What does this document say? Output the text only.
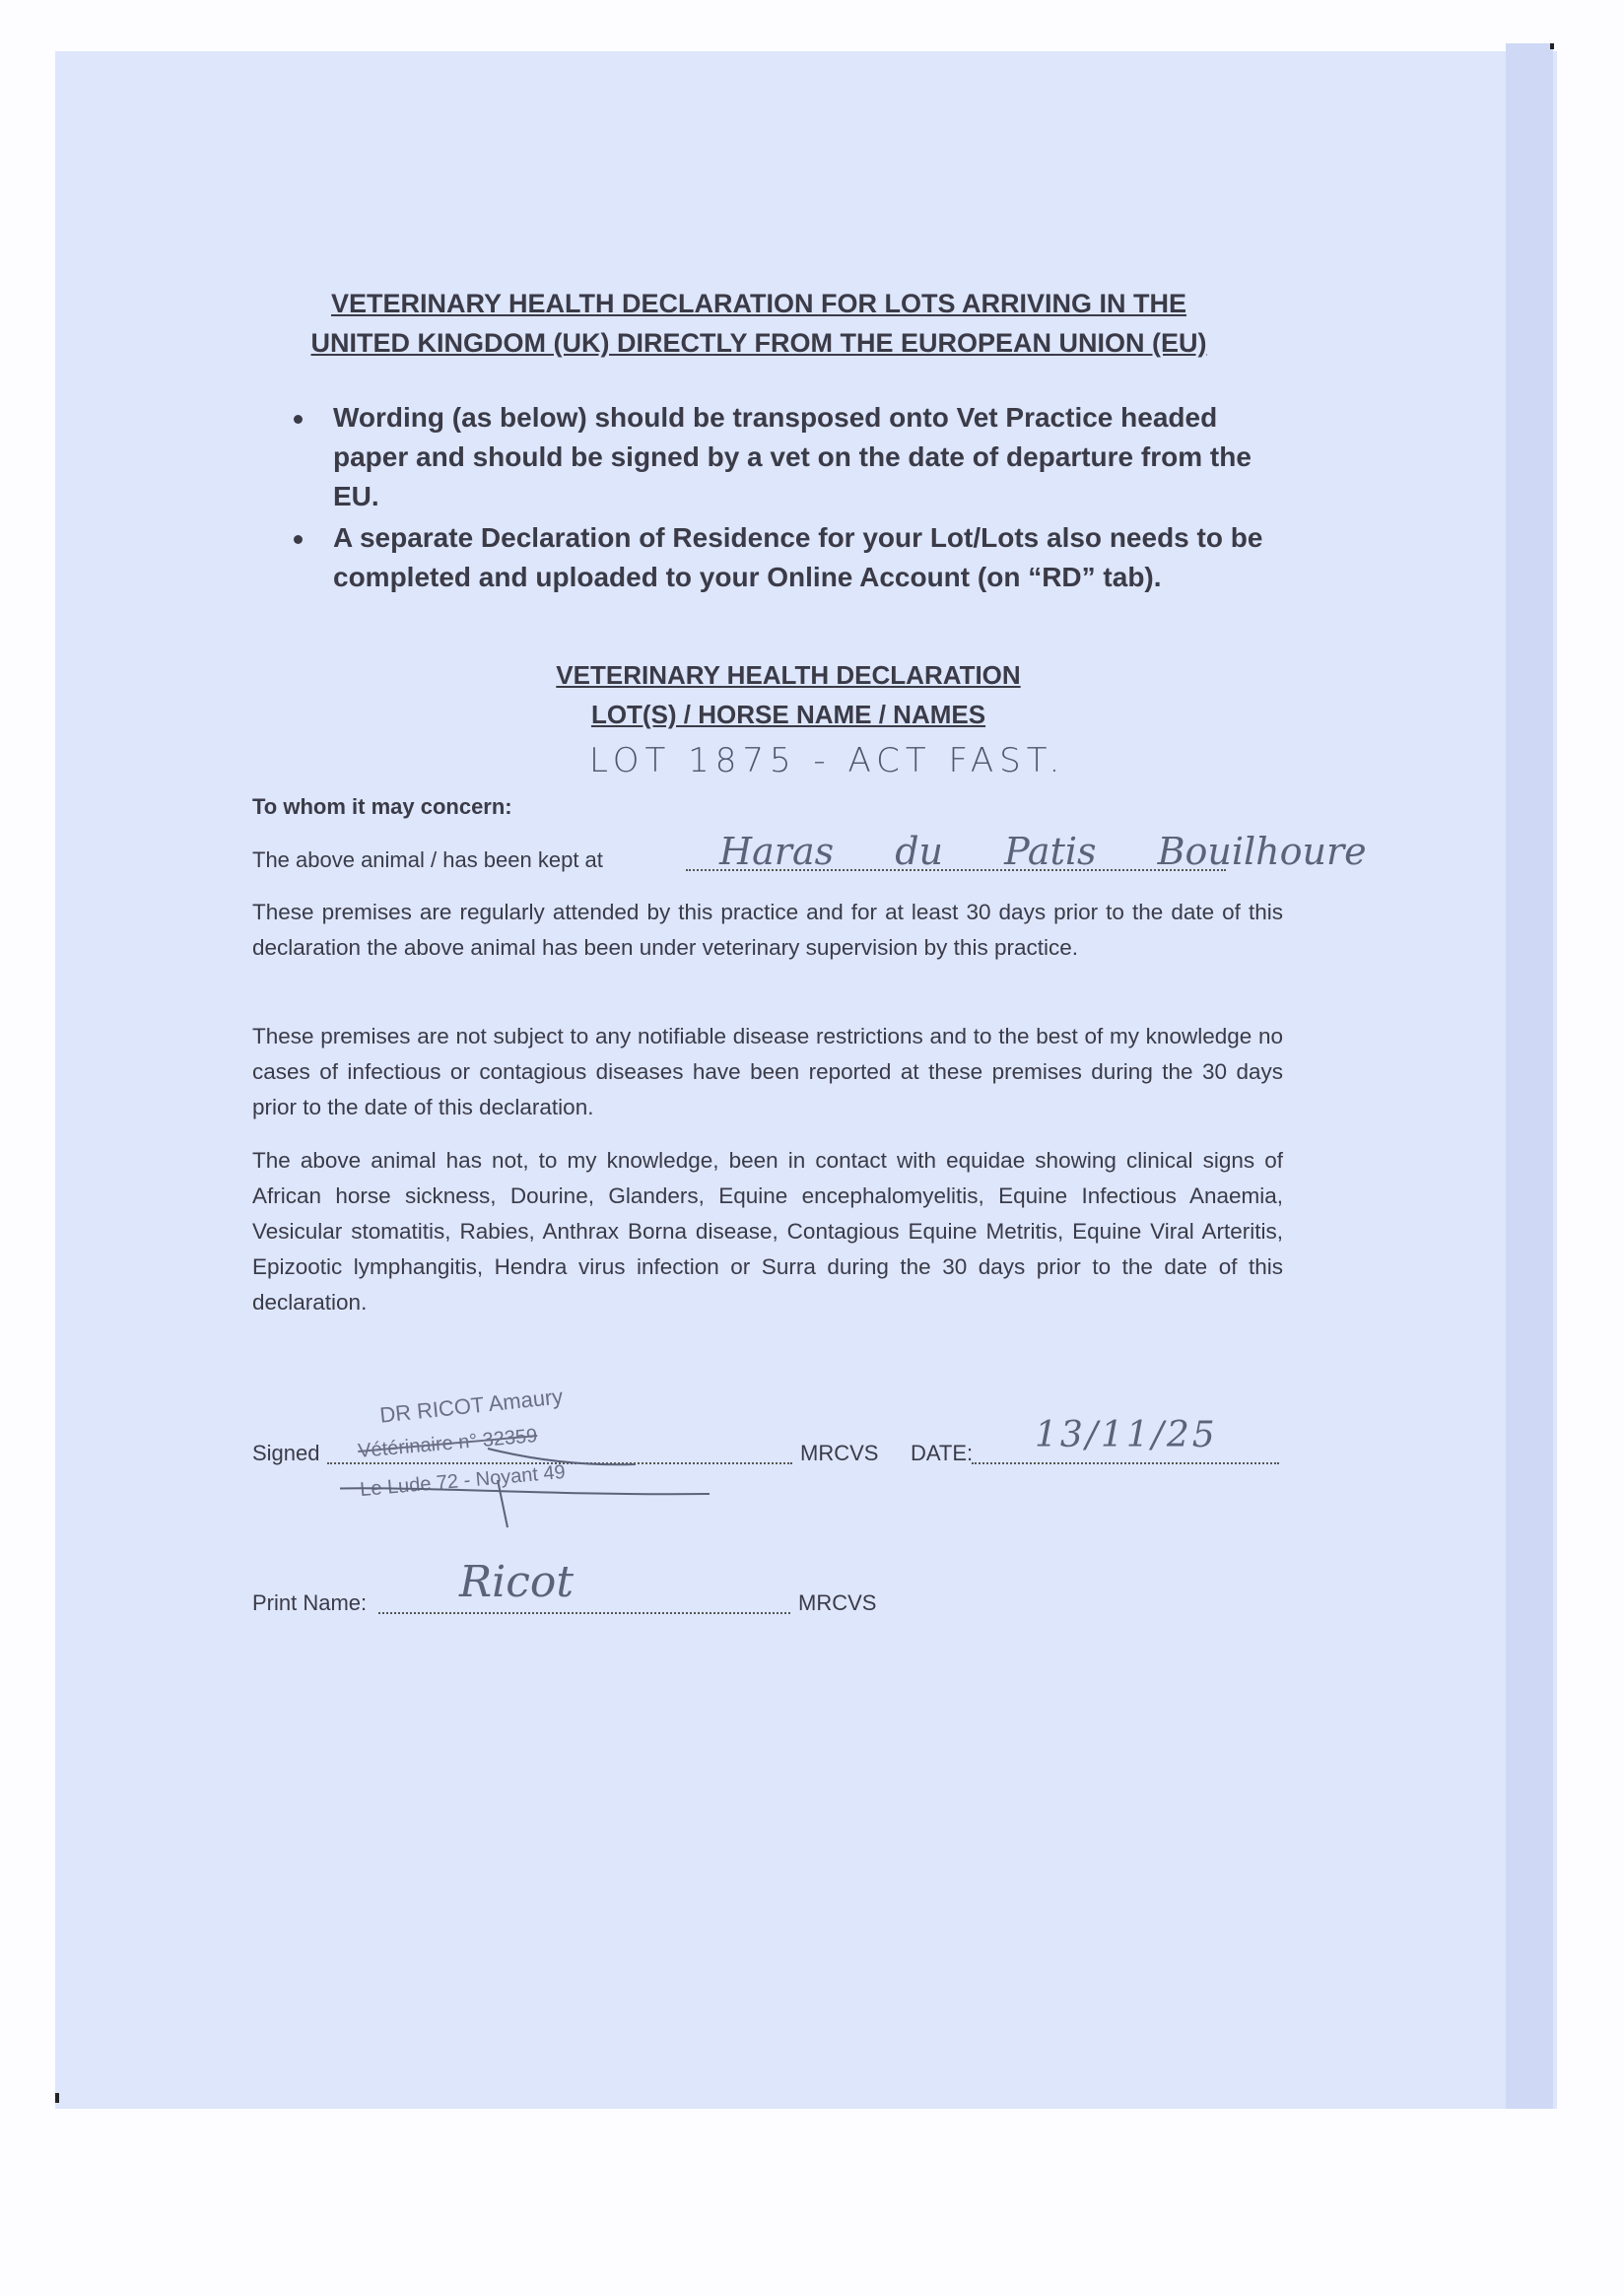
VETERINARY HEALTH DECLARATION FOR LOTS ARRIVING IN THE
UNITED KINGDOM (UK) DIRECTLY FROM THE EUROPEAN UNION (EU)
Wording (as below) should be transposed onto Vet Practice headed paper and should be signed by a vet on the date of departure from the EU.
A separate Declaration of Residence for your Lot/Lots also needs to be completed and uploaded to your Online Account (on “RD” tab).
VETERINARY HEALTH DECLARATION
LOT(S) / HORSE NAME / NAMES
LOT 1875 - ACT FAST.
To whom it may concern:
The above animal / has been kept at	Haras du Patis Bouilhoure

These premises are regularly attended by this practice and for at least 30 days prior to the date of this declaration the above animal has been under veterinary supervision by this practice.

These premises are not subject to any notifiable disease restrictions and to the best of my knowledge no cases of infectious or contagious diseases have been reported at these premises during the 30 days prior to the date of this declaration.

The above animal has not, to my knowledge, been in contact with equidae showing clinical signs of African horse sickness, Dourine, Glanders, Equine encephalomyelitis, Equine Infectious Anaemia, Vesicular stomatitis, Rabies, Anthrax Borna disease, Contagious Equine Metritis, Equine Viral Arteritis, Epizootic lymphangitis, Hendra virus infection or Surra during the 30 days prior to the date of this declaration.

Signed	MRCVS DATE: 13/11/25
DR RICOT Amaury
Vétérinaire n° 32359
Le Lude 72 - Noyant 49
Print Name: Ricot	MRCVS
